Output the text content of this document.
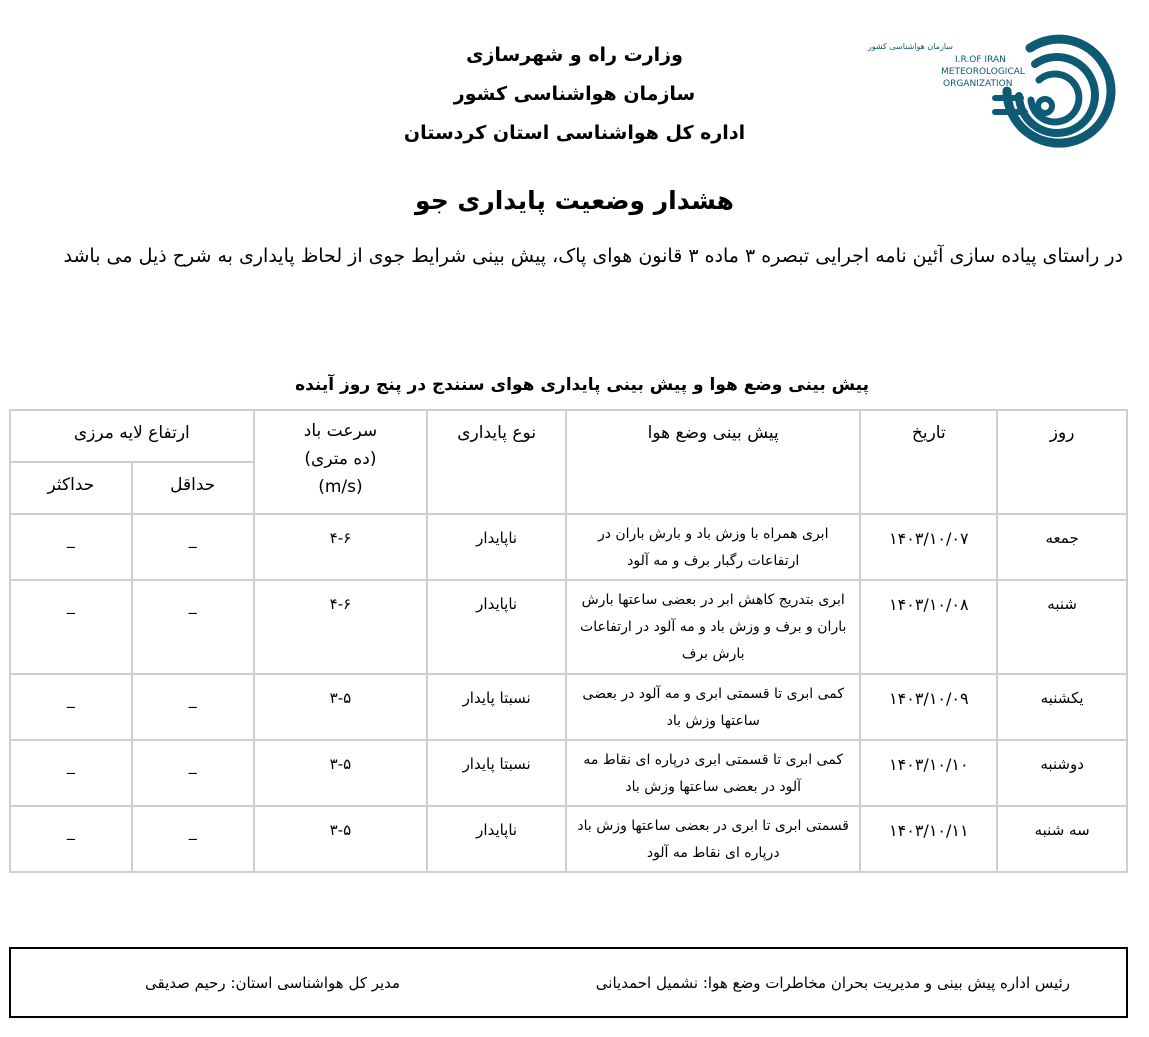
سازمان هواشناسی کشور
I.R.OF IRAN
METEOROLOGICAL
ORGANIZATION
وزارت راه و شهرسازی
سازمان هواشناسی کشور
اداره کل هواشناسی استان کردستان
هشدار وضعیت پایداری جو
در راستای پیاده سازی آئین نامه اجرایی تبصره ۳ ماده ۳ قانون هوای پاک، پیش بینی شرایط جوی از لحاظ پایداری به شرح ذیل می باشد
پیش بینی وضع هوا و پیش بینی پایداری هوای سنندج در پنج روز آینده
روز	تاریخ	پیش بینی وضع هوا	نوع پایداری	سرعت باد
(ده متری)
(m/s)	ارتفاع لایه مرزی	
					حداقل	حداکثر
جمعه	۱۴۰۳/۱۰/۰۷	ابری همراه با وزش باد و بارش باران در ارتفاعات رگبار برف و مه آلود	ناپایدار	۴-۶	_	_
شنبه	۱۴۰۳/۱۰/۰۸	ابری بتدریج کاهش ابر در بعضی ساعتها بارش باران و برف و وزش باد و مه آلود در ارتفاعات بارش برف	ناپایدار	۴-۶	_	_
یکشنبه	۱۴۰۳/۱۰/۰۹	کمی ابری تا قسمتی ابری و مه آلود در بعضی ساعتها وزش باد	نسبتا پایدار	۳-۵	_	_
دوشنبه	۱۴۰۳/۱۰/۱۰	کمی ابری تا قسمتی ابری درپاره ای نقاط مه آلود در بعضی ساعتها وزش باد	نسبتا پایدار	۳-۵	_	_
سه شنبه	۱۴۰۳/۱۰/۱۱	قسمتی ابری تا ابری در بعضی ساعتها وزش باد درپاره ای نقاط مه آلود	ناپایدار	۳-۵	_	_
رئیس اداره پیش بینی و مدیریت بحران مخاطرات وضع هوا: نشمیل احمدیانی
مدیر کل هواشناسی استان: رحیم صدیقی
